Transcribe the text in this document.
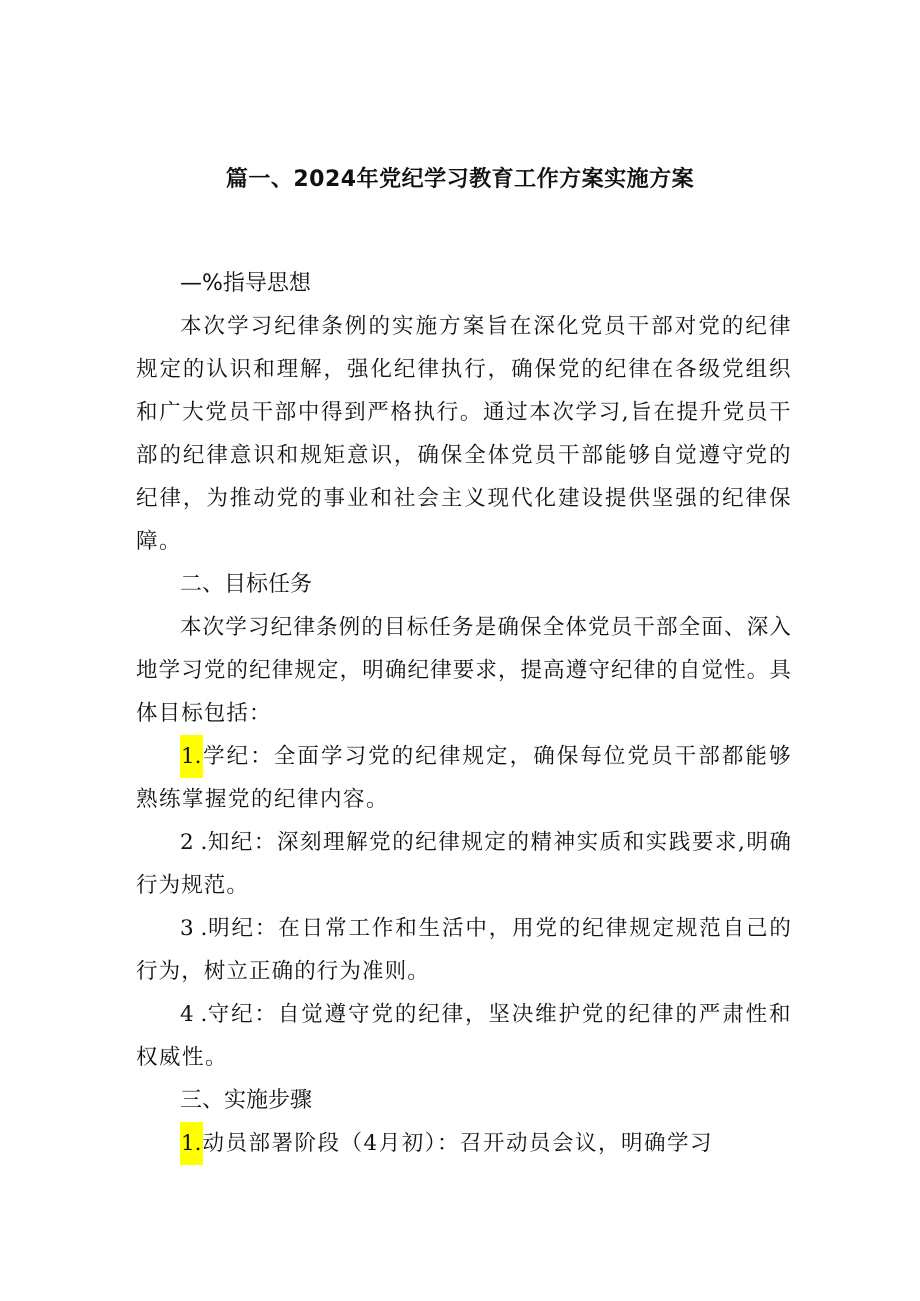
篇一、2024年党纪学习教育工作方案实施方案

—%指导思想

本次学习纪律条例的实施方案旨在深化党员干部对党的纪律规定的认识和理解，强化纪律执行，确保党的纪律在各级党组织和广大党员干部中得到严格执行。通过本次学习,旨在提升党员干部的纪律意识和规矩意识，确保全体党员干部能够自觉遵守党的纪律，为推动党的事业和社会主义现代化建设提供坚强的纪律保障。

二、目标任务

本次学习纪律条例的目标任务是确保全体党员干部全面、深入地学习党的纪律规定，明确纪律要求，提高遵守纪律的自觉性。具体目标包括：

1.学纪：全面学习党的纪律规定，确保每位党员干部都能够熟练掌握党的纪律内容。

2 .知纪：深刻理解党的纪律规定的精神实质和实践要求,明确行为规范。

3 .明纪：在日常工作和生活中，用党的纪律规定规范自己的行为，树立正确的行为准则。

4 .守纪：自觉遵守党的纪律，坚决维护党的纪律的严肃性和权威性。

三、实施步骤

1.动员部署阶段（4月初）：召开动员会议，明确学习
